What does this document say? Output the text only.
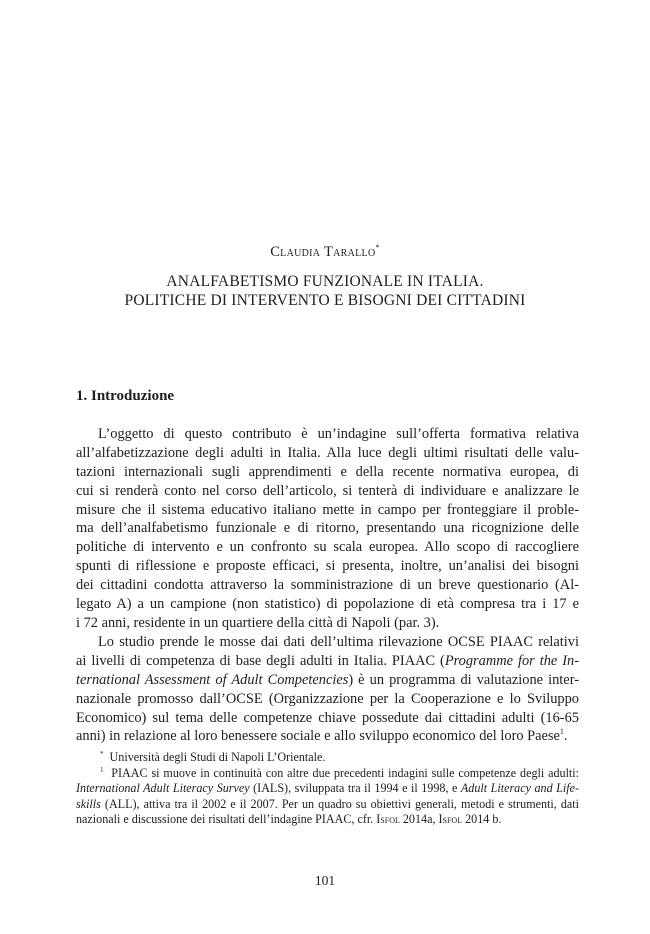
Claudia Tarallo*
ANALFABETISMO FUNZIONALE IN ITALIA.
POLITICHE DI INTERVENTO E BISOGNI DEI CITTADINI
1. Introduzione
L’oggetto di questo contributo è un’indagine sull’offerta formativa relativa
all’alfabetizzazione degli adulti in Italia. Alla luce degli ultimi risultati delle valu-
tazioni internazionali sugli apprendimenti e della recente normativa europea, di
cui si renderà conto nel corso dell’articolo, si tenterà di individuare e analizzare le
misure che il sistema educativo italiano mette in campo per fronteggiare il proble-
ma dell’analfabetismo funzionale e di ritorno, presentando una ricognizione delle
politiche di intervento e un confronto su scala europea. Allo scopo di raccogliere
spunti di riflessione e proposte efficaci, si presenta, inoltre, un’analisi dei bisogni
dei cittadini condotta attraverso la somministrazione di un breve questionario (Al-
legato A) a un campione (non statistico) di popolazione di età compresa tra i 17 e
i 72 anni, residente in un quartiere della città di Napoli (par. 3).
Lo studio prende le mosse dai dati dell’ultima rilevazione OCSE PIAAC relativi
ai livelli di competenza di base degli adulti in Italia. PIAAC (Programme for the In-
ternational Assessment of Adult Competencies) è un programma di valutazione inter-
nazionale promosso dall’OCSE (Organizzazione per la Cooperazione e lo Sviluppo
Economico) sul tema delle competenze chiave possedute dai cittadini adulti (16-65
anni) in relazione al loro benessere sociale e allo sviluppo economico del loro Paese$^1$.
* Università degli Studi di Napoli L’Orientale.
$^1$ PIAAC si muove in continuità con altre due precedenti indagini sulle competenze degli adulti:
International Adult Literacy Survey (IALS), sviluppata tra il 1994 e il 1998, e Adult Literacy and Life-
skills (ALL), attiva tra il 2002 e il 2007. Per un quadro su obiettivi generali, metodi e strumenti, dati
nazionali e discussione dei risultati dell’indagine PIAAC, cfr. Isfol 2014a, Isfol 2014 b.
101
